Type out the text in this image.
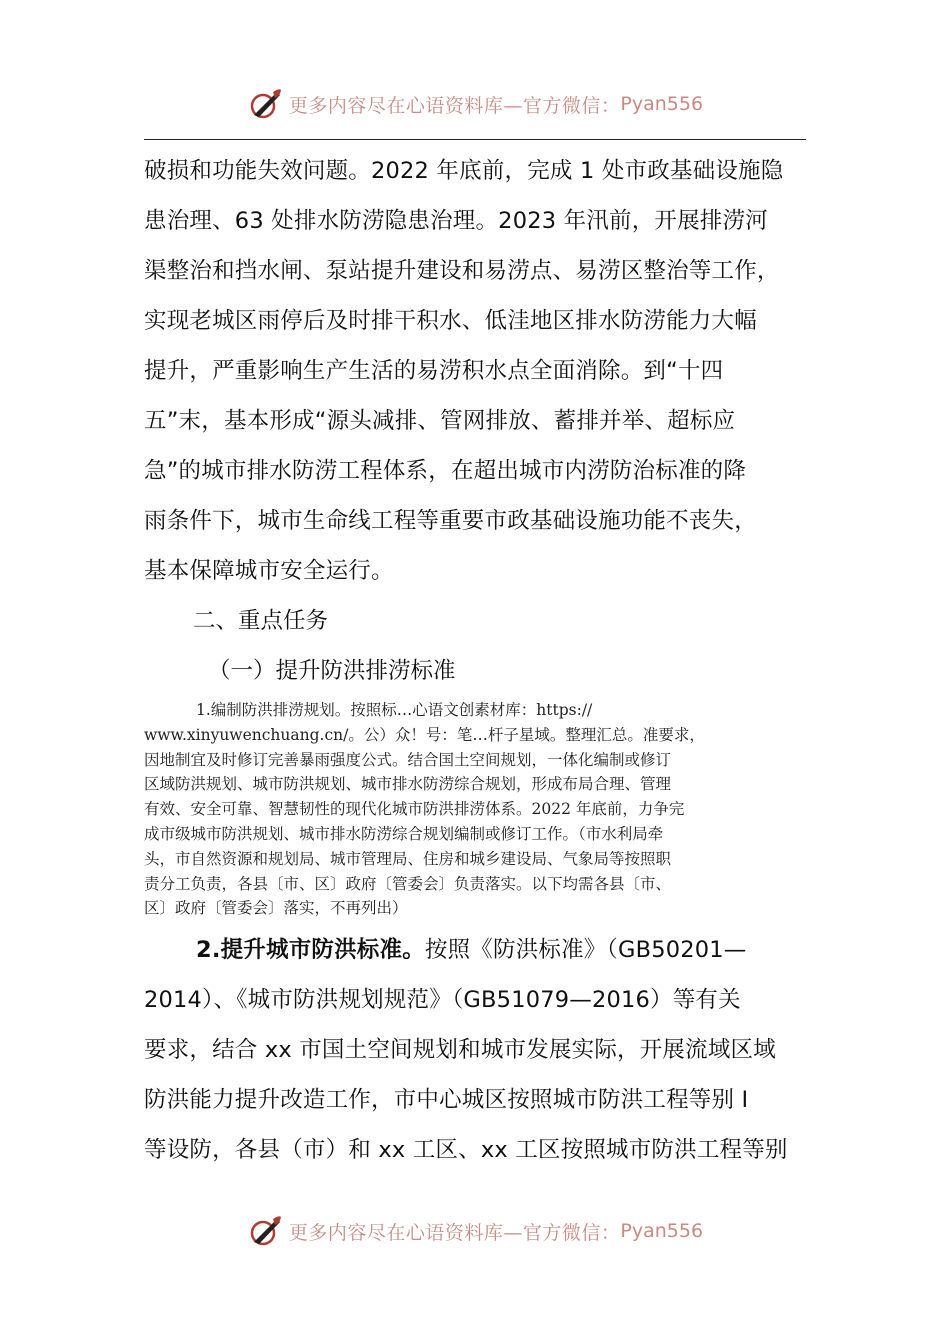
更多内容尽在心语资料库—官方微信： Pyan556

破损和功能失效问题。2022 年底前，完成 1 处市政基础设施隐
患治理、63 处排水防涝隐患治理。2023 年汛前，开展排涝河
渠整治和挡水闸、泵站提升建设和易涝点、易涝区整治等工作，
实现老城区雨停后及时排干积水、低洼地区排水防涝能力大幅
提升，严重影响生产生活的易涝积水点全面消除。到“十四
五”末，基本形成“源头减排、管网排放、蓄排并举、超标应
急”的城市排水防涝工程体系，在超出城市内涝防治标准的降
雨条件下，城市生命线工程等重要市政基础设施功能不丧失，
基本保障城市安全运行。

二、重点任务

（一）提升防洪排涝标准

1.编制防洪排涝规划。按照标…心语文创素材库：https://
www.xinyuwenchuang.cn/。公）众！号：笔…杆子星域。整理汇总。准要求，
因地制宜及时修订完善暴雨强度公式。结合国土空间规划，一体化编制或修订
区域防洪规划、城市防洪规划、城市排水防涝综合规划，形成布局合理、管理
有效、安全可靠、智慧韧性的现代化城市防洪排涝体系。2022 年底前，力争完
成市级城市防洪规划、城市排水防涝综合规划编制或修订工作。（市水利局牵
头，市自然资源和规划局、城市管理局、住房和城乡建设局、气象局等按照职
责分工负责，各县〔市、区〕政府〔管委会〕负责落实。以下均需各县〔市、
区〕政府〔管委会〕落实，不再列出）

2.提升城市防洪标准。按照《防洪标准》（GB50201—
2014）、《城市防洪规划规范》（GB51079—2016）等有关
要求，结合 xx 市国土空间规划和城市发展实际，开展流域区域
防洪能力提升改造工作，市中心城区按照城市防洪工程等别 I
等设防，各县（市）和 xx 工区、xx 工区按照城市防洪工程等别

更多内容尽在心语资料库—官方微信： Pyan556
